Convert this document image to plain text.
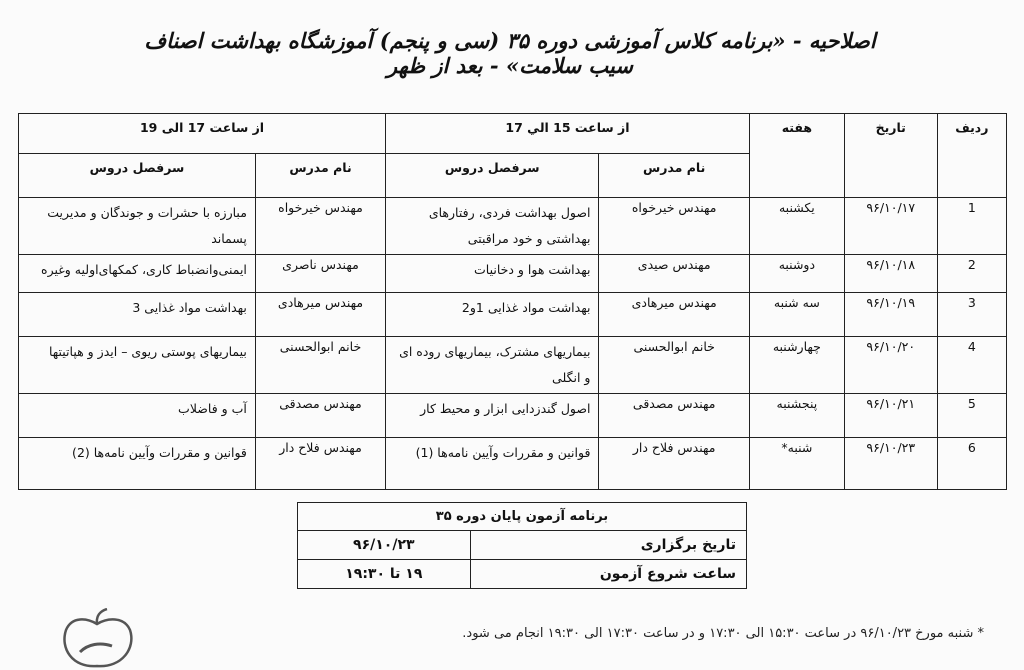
اصلاحیه - «برنامه کلاس آموزشی دوره ۳۵ (سی و پنجم) آموزشگاه بهداشت اصناف سیب سلامت» - بعد از ظهر
ردیف	تاریخ	هفته	از ساعت 15 الي 17		از ساعت 17 الی 19	
			نام مدرس	سرفصل دروس	نام مدرس	سرفصل دروس
1	۹۶/۱۰/۱۷	یکشنبه	مهندس خیرخواه	اصول بهداشت فردی، رفتارهای بهداشتی و خود مراقبتی	مهندس خیرخواه	مبارزه با حشرات و جوندگان و مدیریت پسماند
2	۹۶/۱۰/۱۸	دوشنبه	مهندس صیدی	بهداشت هوا و دخانیات	مهندس ناصری	ایمنی‌وانضباط کاری، کمکهای‌اولیه وغیره
3	۹۶/۱۰/۱۹	سه شنبه	مهندس میرهادی	بهداشت مواد غذایی 1و2	مهندس میرهادی	بهداشت مواد غذایی 3
4	۹۶/۱۰/۲۰	چهارشنبه	خانم ابوالحسنی	بیماریهای مشترک، بیماریهای روده ای و انگلی	خانم ابوالحسنی	بیماریهای پوستی ریوی – ایدز و هپاتیتها
5	۹۶/۱۰/۲۱	پنجشنبه	مهندس مصدقی	اصول گندزدایی ابزار و محیط کار	مهندس مصدقی	آب و فاضلاب
6	۹۶/۱۰/۲۳	شنبه*	مهندس فلاح دار	قوانین و مقررات وآیین نامه‌ها (1)	مهندس فلاح دار	قوانین و مقررات وآیین نامه‌ها (2)
برنامه آزمون پایان دوره ۳۵	
تاریخ برگزاری	۹۶/۱۰/۲۳
ساعت شروع آزمون	۱۹ تا ۱۹:۳۰
* شنبه مورخ ۹۶/۱۰/۲۳ در ساعت ۱۵:۳۰ الی ۱۷:۳۰ و در ساعت ۱۷:۳۰ الی ۱۹:۳۰ انجام می شود.
